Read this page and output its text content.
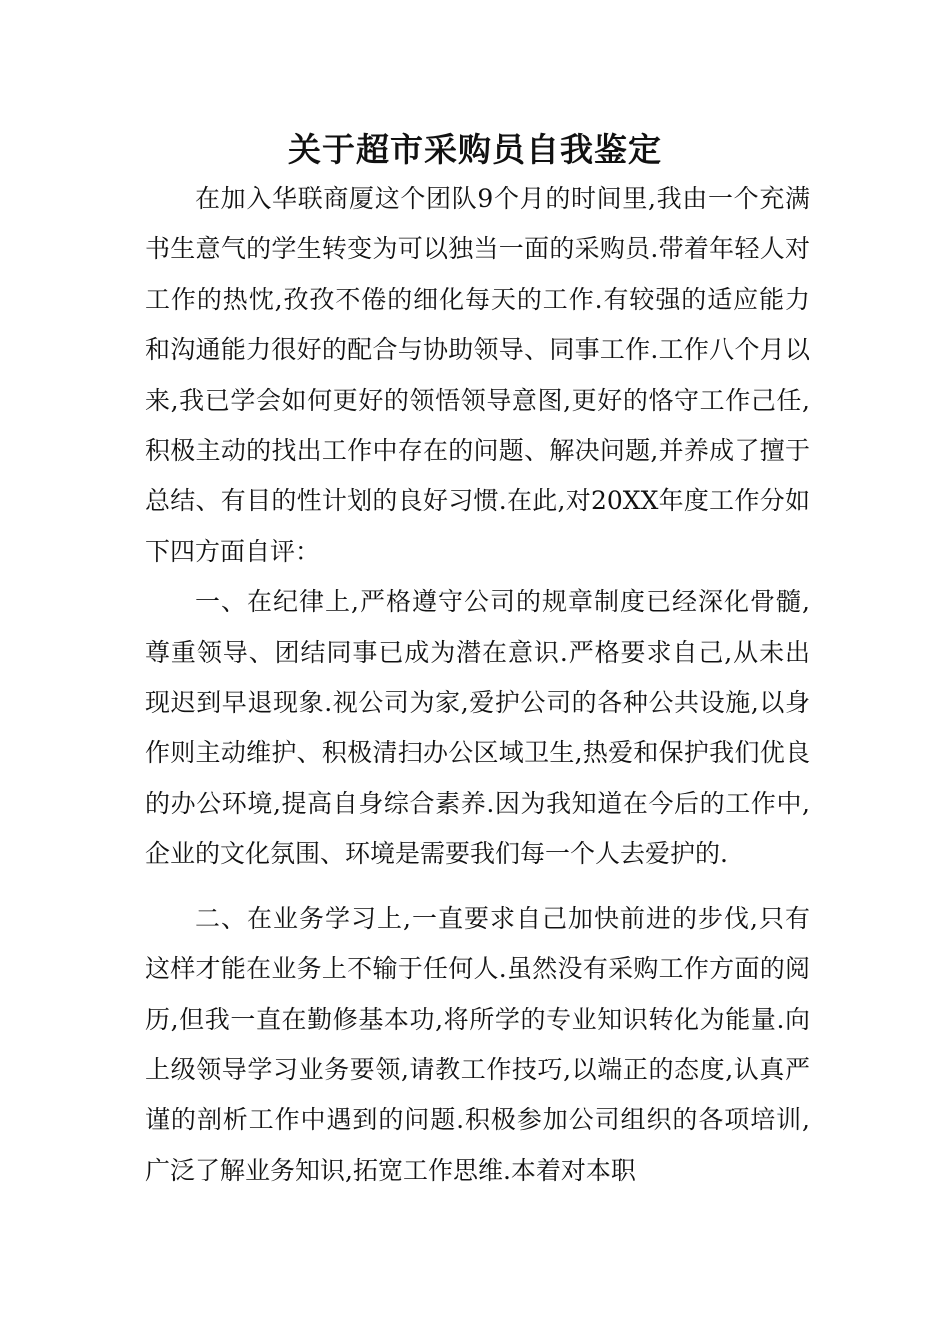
关于超市采购员自我鉴定

在加入华联商厦这个团队9个月的时间里,我由一个充满书生意气的学生转变为可以独当一面的采购员.带着年轻人对工作的热忱,孜孜不倦的细化每天的工作.有较强的适应能力和沟通能力很好的配合与协助领导、同事工作.工作八个月以来,我已学会如何更好的领悟领导意图,更好的恪守工作己任,积极主动的找出工作中存在的问题、解决问题,并养成了擅于总结、有目的性计划的良好习惯.在此,对20XX年度工作分如下四方面自评：

一、在纪律上,严格遵守公司的规章制度已经深化骨髓,尊重领导、团结同事已成为潜在意识.严格要求自己,从未出现迟到早退现象.视公司为家,爱护公司的各种公共设施,以身作则主动维护、积极清扫办公区域卫生,热爱和保护我们优良的办公环境,提高自身综合素养.因为我知道在今后的工作中,企业的文化氛围、环境是需要我们每一个人去爱护的.

二、在业务学习上,一直要求自己加快前进的步伐,只有这样才能在业务上不输于任何人.虽然没有采购工作方面的阅历,但我一直在勤修基本功,将所学的专业知识转化为能量.向上级领导学习业务要领,请教工作技巧,以端正的态度,认真严谨的剖析工作中遇到的问题.积极参加公司组织的各项培训,广泛了解业务知识,拓宽工作思维.本着对本职
